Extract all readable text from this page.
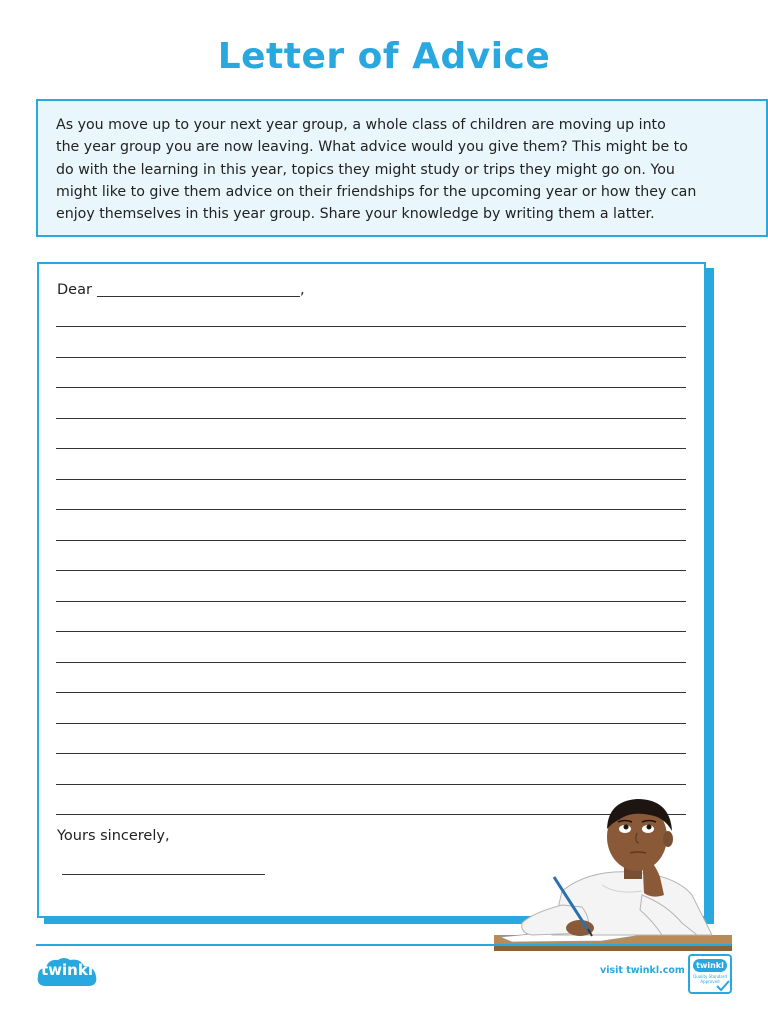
Letter of Advice
As you move up to your next year group, a whole class of children are moving up into
the year group you are now leaving. What advice would you give them? This might be to
do with the learning in this year, topics they might study or trips they might go on. You
might like to give them advice on their friendships for the upcoming year or how they can
enjoy themselves in this year group. Share your knowledge by writing them a latter.
Dear	,
Yours sincerely,
twinkl	visit twinkl.com	twinkl
Quality Standard Approved
